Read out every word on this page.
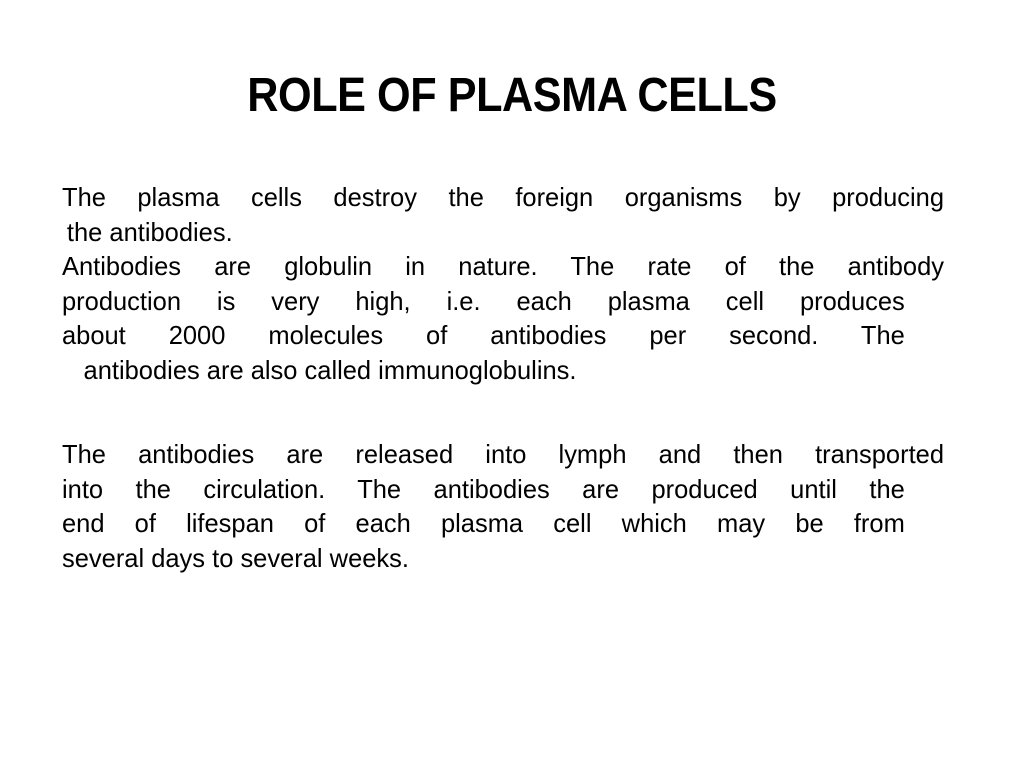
ROLE OF PLASMA CELLS

The plasma cells destroy the foreign organisms by producing
the antibodies.

Antibodies are globulin in nature. The rate of the antibody
production is very high, i.e. each plasma cell produces
about 2000 molecules of antibodies per second. The
antibodies are also called immunoglobulins.

The antibodies are released into lymph and then transported
into the circulation. The antibodies are produced until the
end of lifespan of each plasma cell which may be from
several days to several weeks.
